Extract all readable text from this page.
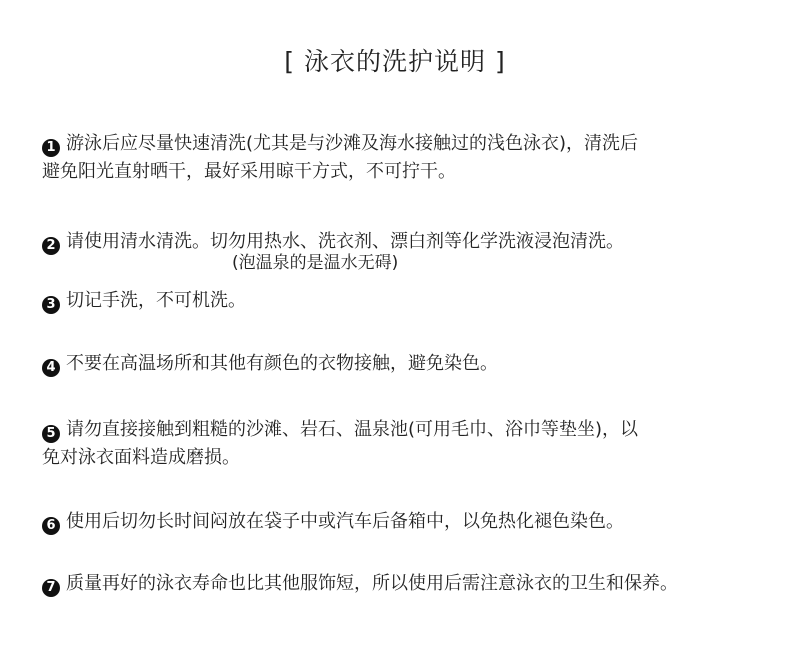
[ 泳衣的洗护说明 ]
1 游泳后应尽量快速清洗(尤其是与沙滩及海水接触过的浅色泳衣)，清洗后
避免阳光直射晒干，最好采用晾干方式，不可拧干。
2 请使用清水清洗。切勿用热水、洗衣剂、漂白剂等化学洗液浸泡清洗。
(泡温泉的是温水无碍)
3 切记手洗，不可机洗。
4 不要在高温场所和其他有颜色的衣物接触，避免染色。
5 请勿直接接触到粗糙的沙滩、岩石、温泉池(可用毛巾、浴巾等垫坐)，以
免对泳衣面料造成磨损。
6 使用后切勿长时间闷放在袋子中或汽车后备箱中，以免热化褪色染色。
7 质量再好的泳衣寿命也比其他服饰短，所以使用后需注意泳衣的卫生和保养。
